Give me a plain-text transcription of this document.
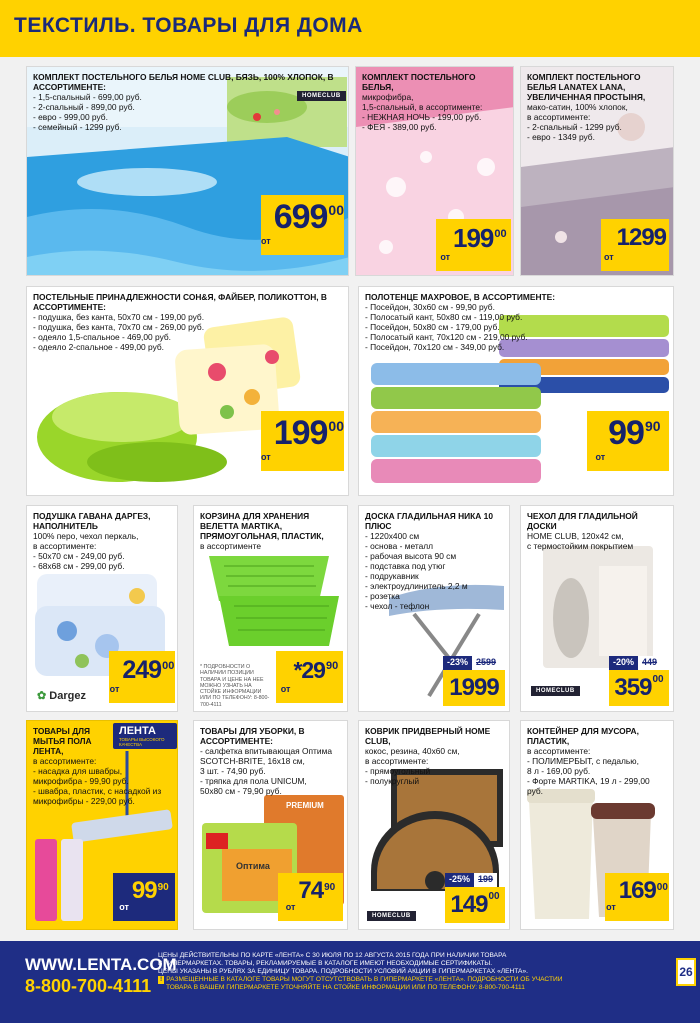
ТЕКСТИЛЬ. ТОВАРЫ ДЛЯ ДОМА
КОМПЛЕКТ ПОСТЕЛЬНОГО БЕЛЬЯ HOME CLUB, БЯЗЬ, 100% ХЛОПОК, В АССОРТИМЕНТЕ:
- 1,5-спальный - 699,00 руб.
- 2-спальный - 899,00 руб.
- евро - 999,00 руб.
- семейный - 1299 руб.
HOMECLUB
от
699 00
КОМПЛЕКТ ПОСТЕЛЬНОГО БЕЛЬЯ,
микрофибра,
1,5-спальный, в ассортименте:
- НЕЖНАЯ НОЧЬ - 199,00 руб.
- ФЕЯ - 389,00 руб.
от
199 00
КОМПЛЕКТ ПОСТЕЛЬНОГО БЕЛЬЯ LANATEX LANA, УВЕЛИЧЕННАЯ ПРОСТЫНЯ,
мако-сатин, 100% хлопок,
в ассортименте:
- 2-спальный - 1299 руб.
- евро - 1349 руб.
от
1299
ПОСТЕЛЬНЫЕ ПРИНАДЛЕЖНОСТИ СОН&Я, ФАЙБЕР, ПОЛИКОТТОН, В АССОРТИМЕНТЕ:
- подушка, без канта, 50х70 см - 199,00 руб.
- подушка, без канта, 70х70 см - 269,00 руб.
- одеяло 1,5-спальное - 469,00 руб.
- одеяло 2-спальное - 499,00 руб.
от
199 00
ПОЛОТЕНЦЕ МАХРОВОЕ, В АССОРТИМЕНТЕ:
- Посейдон, 30х60 см - 99,90 руб.
- Полосатый кант, 50х80 см - 119,00 руб.
- Посейдон, 50х80 см - 179,00 руб.
- Полосатый кант, 70х120 см - 219,00 руб.
- Посейдон, 70х120 см - 349,00 руб.
от
99 90
ПОДУШКА ГАВАНА ДАРГЕЗ, НАПОЛНИТЕЛЬ
100% перо, чехол перкаль,
в ассортименте:
- 50х70 см - 249,00 руб.
- 68х68 см - 299,00 руб.
✿ Dargez
от
249 00
КОРЗИНА ДЛЯ ХРАНЕНИЯ ВЕЛЕТТА MARTIKA, ПРЯМОУГОЛЬНАЯ, ПЛАСТИК,
в ассортименте
* ПОДРОБНОСТИ О НАЛИЧИИ ПОЗИЦИИ ТОВАРА И ЦЕНЕ НА НЕЕ МОЖНО УЗНАТЬ НА СТОЙКЕ ИНФОРМАЦИИ ИЛИ ПО ТЕЛЕФОНУ: 8-800-700-4111
от
*29 90
ДОСКА ГЛАДИЛЬНАЯ НИКА 10 ПЛЮС
- 1220х400 см
- основа - металл
- рабочая высота 90 см
- подставка под утюг
- подрукавник
- электроудлинитель 2,2 м
- розетка
- чехол - тефлон
-23% 2599
1999
ЧЕХОЛ ДЛЯ ГЛАДИЛЬНОЙ ДОСКИ
HOME CLUB, 120х42 см,
с термостойким покрытием
HOMECLUB
-20% 449
359 00
ЛЕНТА
ТОВАРЫ ВЫСОКОГО КАЧЕСТВА
ТОВАРЫ ДЛЯ МЫТЬЯ ПОЛА ЛЕНТА,
в ассортименте:
- насадка для швабры, микрофибра - 99,90 руб.
- швабра, пластик, с насадкой из микрофибры - 229,00 руб.
от
99 90
ТОВАРЫ ДЛЯ УБОРКИ, В АССОРТИМЕНТЕ:
- салфетка впитывающая Оптима SCOTCH-BRITE, 16х18 см,
3 шт. - 74,90 руб.
- тряпка для пола UNICUM,
50х80 см - 79,90 руб.
PREMIUM
Оптима
от
74 90
КОВРИК ПРИДВЕРНЫЙ HOME CLUB,
кокос, резина, 40х60 см,
в ассортименте:
- прямоугольный
- полукруглый
HOMECLUB
-25% 199
149 00
КОНТЕЙНЕР ДЛЯ МУСОРА, ПЛАСТИК,
в ассортименте:
- ПОЛИМЕРБЫТ, с педалью,
8 л - 169,00 руб.
- Форте MARTIKA, 19 л - 299,00 руб.
от
169 00
WWW.LENTA.COM
8-800-700-4111
ЦЕНЫ ДЕЙСТВИТЕЛЬНЫ ПО КАРТЕ «ЛЕНТА» С 30 ИЮЛЯ ПО 12 АВГУСТА 2015 ГОДА ПРИ НАЛИЧИИ ТОВАРА
В ГИПЕРМАРКЕТАХ. ТОВАРЫ, РЕКЛАМИРУЕМЫЕ В КАТАЛОГЕ ИМЕЮТ НЕОБХОДИМЫЕ СЕРТИФИКАТЫ.
ЦЕНЫ УКАЗАНЫ В РУБЛЯХ ЗА ЕДИНИЦУ ТОВАРА. ПОДРОБНОСТИ УСЛОВИЙ АКЦИИ В ГИПЕРМАРКЕТАХ «ЛЕНТА».
! РАЗМЕЩЕННЫЕ В КАТАЛОГЕ ТОВАРЫ МОГУТ ОТСУТСТВОВАТЬ В ГИПЕРМАРКЕТЕ «ЛЕНТА». ПОДРОБНОСТИ ОБ УЧАСТИИ
ТОВАРА В ВАШЕМ ГИПЕРМАРКЕТЕ УТОЧНЯЙТЕ НА СТОЙКЕ ИНФОРМАЦИИ ИЛИ ПО ТЕЛЕФОНУ: 8-800-700-4111
26
